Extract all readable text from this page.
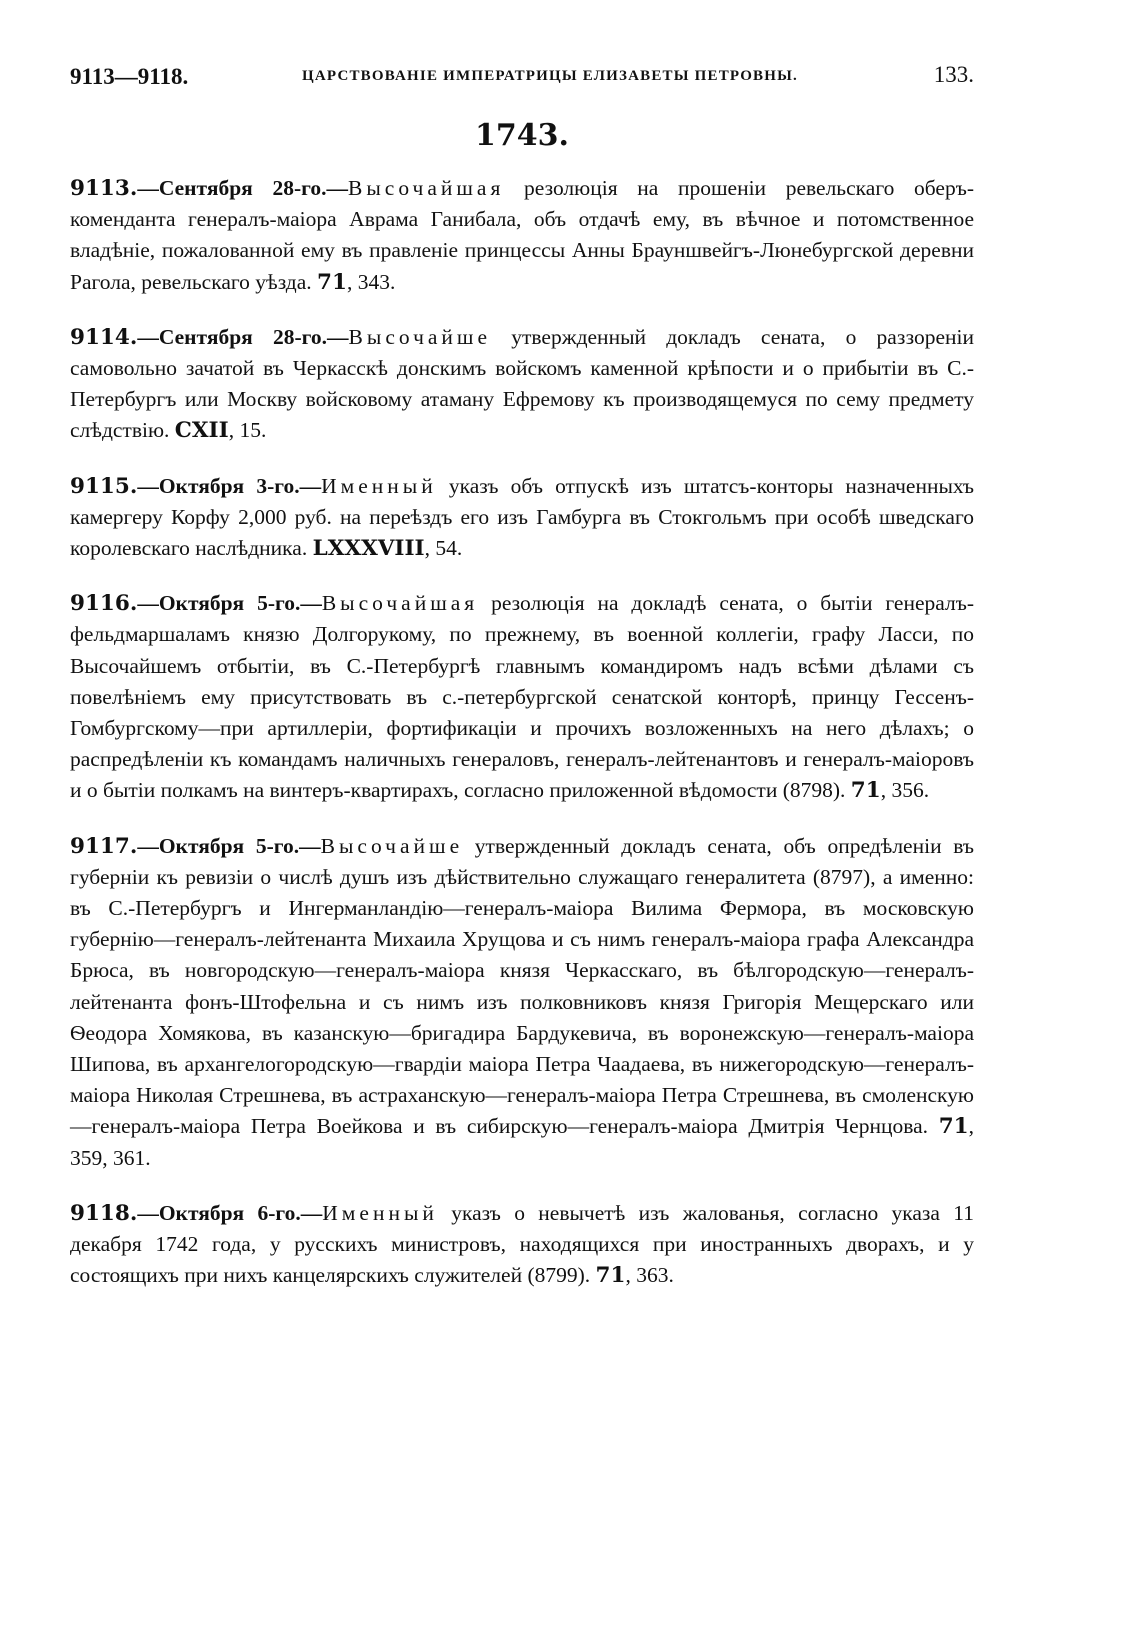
9113—9118.	ЦАРСТВОВАНІЕ ИМПЕРАТРИЦЫ ЕЛИЗАВЕТЫ ПЕТРОВНЫ.	133.
1743.
9113.—Сентября 28-го.—Высочайшая резолюція на прошеніи ревельскаго оберъ-коменданта генералъ-маіора Аврама Ганибала, объ отдачѣ ему, въ вѣчное и потомственное владѣніе, пожалованной ему въ правленіе принцессы Анны Брауншвейгъ-Люнебургской деревни Рагола, ревельскаго уѣзда. 71, 343.
9114.—Сентября 28-го.—Высочайше утвержденный докладъ сената, о раззореніи самовольно зачатой въ Черкасскѣ донскимъ войскомъ каменной крѣпости и о прибытіи въ С.-Петербургъ или Москву войсковому атаману Ефремову къ производящемуся по сему предмету слѣдствію. CXII, 15.
9115.—Октября 3-го.—Именный указъ объ отпускѣ изъ штатсъ-конторы назначенныхъ камергеру Корфу 2,000 руб. на переѣздъ его изъ Гамбурга въ Стокгольмъ при особѣ шведскаго королевскаго наслѣдника. LXXXVIII, 54.
9116.—Октября 5-го.—Высочайшая резолюція на докладѣ сената, о бытіи генералъ-фельдмаршаламъ князю Долгорукому, по прежнему, въ военной коллегіи, графу Ласси, по Высочайшемъ отбытіи, въ С.-Петербургѣ главнымъ командиромъ надъ всѣми дѣлами съ повелѣніемъ ему присутствовать въ с.-петербургской сенатской конторѣ, принцу Гессенъ-Гомбургскому—при артиллеріи, фортификаціи и прочихъ возложенныхъ на него дѣлахъ; о распредѣленіи къ командамъ наличныхъ генераловъ, генералъ-лейтенантовъ и генералъ-маіоровъ и о бытіи полкамъ на винтеръ-квартирахъ, согласно приложенной вѣдомости (8798). 71, 356.
9117.—Октября 5-го.—Высочайше утвержденный докладъ сената, объ опредѣленіи въ губерніи къ ревизіи о числѣ душъ изъ дѣйствительно служащаго генералитета (8797), а именно: въ С.-Петербургъ и Ингерманландію—генералъ-маіора Вилима Фермора, въ московскую губернію—генералъ-лейтенанта Михаила Хрущова и съ нимъ генералъ-маіора графа Александра Брюса, въ новгородскую—генералъ-маіора князя Черкасскаго, въ бѣлгородскую—генералъ-лейтенанта фонъ-Штофельна и съ нимъ изъ полковниковъ князя Григорія Мещерскаго или Ѳеодора Хомякова, въ казанскую—бригадира Бардукевича, въ воронежскую—генералъ-маіора Шипова, въ архангелогородскую—гвардіи маіора Петра Чаадаева, въ нижегородскую—генералъ-маіора Николая Стрешнева, въ астраханскую—генералъ-маіора Петра Стрешнева, въ смоленскую—генералъ-маіора Петра Воейкова и въ сибирскую—генералъ-маіора Дмитрія Чернцова. 71, 359, 361.
9118.—Октября 6-го.—Именный указъ о невычетѣ изъ жалованья, согласно указа 11 декабря 1742 года, у русскихъ министровъ, находящихся при иностранныхъ дворахъ, и у состоящихъ при нихъ канцелярскихъ служителей (8799). 71, 363.
